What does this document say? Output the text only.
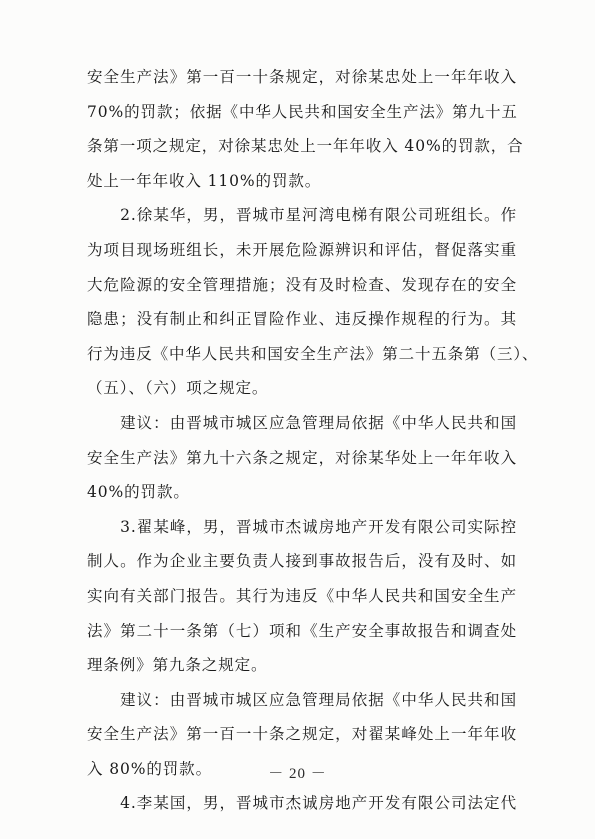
安全生产法》第一百一十条规定，对徐某忠处上一年年收入
70%的罚款；依据《中华人民共和国安全生产法》第九十五
条第一项之规定，对徐某忠处上一年年收入 40%的罚款，合
处上一年年收入 110%的罚款。
　　2.徐某华，男，晋城市星河湾电梯有限公司班组长。作
为项目现场班组长，未开展危险源辨识和评估，督促落实重
大危险源的安全管理措施；没有及时检查、发现存在的安全
隐患；没有制止和纠正冒险作业、违反操作规程的行为。其
行为违反《中华人民共和国安全生产法》第二十五条第（三）、
（五）、（六）项之规定。
　　建议：由晋城市城区应急管理局依据《中华人民共和国
安全生产法》第九十六条之规定，对徐某华处上一年年收入
40%的罚款。
　　3.翟某峰，男，晋城市杰诚房地产开发有限公司实际控
制人。作为企业主要负责人接到事故报告后，没有及时、如
实向有关部门报告。其行为违反《中华人民共和国安全生产
法》第二十一条第（七）项和《生产安全事故报告和调查处
理条例》第九条之规定。
　　建议：由晋城市城区应急管理局依据《中华人民共和国
安全生产法》第一百一十条之规定，对翟某峰处上一年年收
入 80%的罚款。
　　4.李某国，男，晋城市杰诚房地产开发有限公司法定代
－ 20 －
